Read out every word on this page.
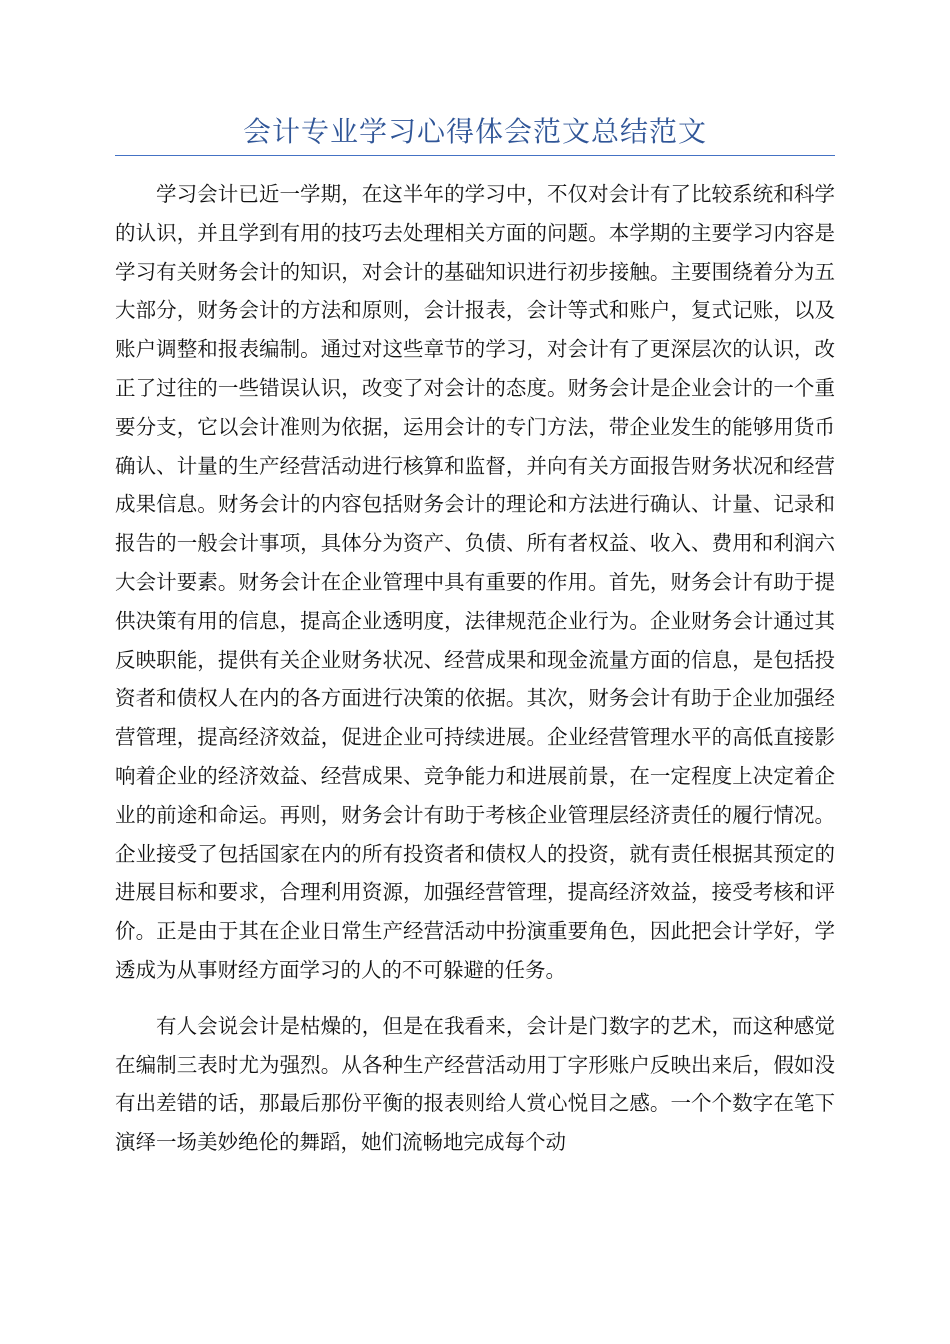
会计专业学习心得体会范文总结范文

学习会计已近一学期，在这半年的学习中，不仅对会计有了比较系统和科学的认识，并且学到有用的技巧去处理相关方面的问题。本学期的主要学习内容是学习有关财务会计的知识，对会计的基础知识进行初步接触。主要围绕着分为五大部分，财务会计的方法和原则，会计报表，会计等式和账户，复式记账，以及账户调整和报表编制。通过对这些章节的学习，对会计有了更深层次的认识，改正了过往的一些错误认识，改变了对会计的态度。财务会计是企业会计的一个重要分支，它以会计准则为依据，运用会计的专门方法，带企业发生的能够用货币确认、计量的生产经营活动进行核算和监督，并向有关方面报告财务状况和经营成果信息。财务会计的内容包括财务会计的理论和方法进行确认、计量、记录和报告的一般会计事项，具体分为资产、负债、所有者权益、收入、费用和利润六大会计要素。财务会计在企业管理中具有重要的作用。首先，财务会计有助于提供决策有用的信息，提高企业透明度，法律规范企业行为。企业财务会计通过其反映职能，提供有关企业财务状况、经营成果和现金流量方面的信息，是包括投资者和债权人在内的各方面进行决策的依据。其次，财务会计有助于企业加强经营管理，提高经济效益，促进企业可持续进展。企业经营管理水平的高低直接影响着企业的经济效益、经营成果、竞争能力和进展前景，在一定程度上决定着企业的前途和命运。再则，财务会计有助于考核企业管理层经济责任的履行情况。企业接受了包括国家在内的所有投资者和债权人的投资，就有责任根据其预定的进展目标和要求，合理利用资源，加强经营管理，提高经济效益，接受考核和评价。正是由于其在企业日常生产经营活动中扮演重要角色，因此把会计学好，学透成为从事财经方面学习的人的不可躲避的任务。

有人会说会计是枯燥的，但是在我看来，会计是门数字的艺术，而这种感觉在编制三表时尤为强烈。从各种生产经营活动用丁字形账户反映出来后，假如没有出差错的话，那最后那份平衡的报表则给人赏心悦目之感。一个个数字在笔下演绎一场美妙绝伦的舞蹈，她们流畅地完成每个动
